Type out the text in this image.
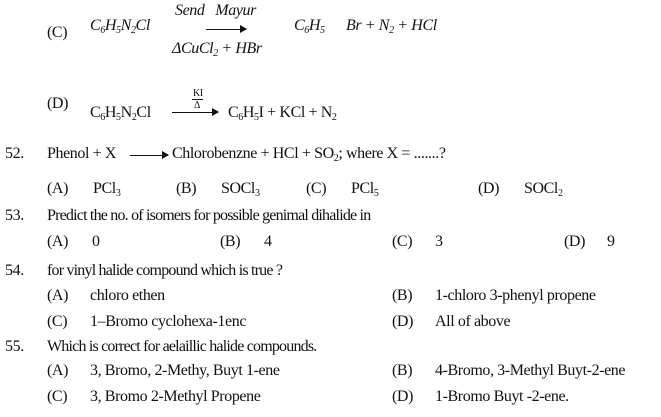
(C) $C_6H_5N_2Cl$
Send   Mayur
ΔCuCl$_2$ + HBr
$C_6H_5$ $Br + N_2$ + HCl
(D)
$C_6H_5N_2Cl$
KI
$\Delta \to C_6H_5I$ + KCl + $N_2$
52. Phenol + X → Chlorobenzne + HCl + $SO_2$; where X = .......?
(A) PCl$_3$	(B) SOCl$_3$	(C) PCl$_5$	(D) SOCl$_2$
53. Predict the no. of isomers for possible genimal dihalide in
(A) 0	(B) 4	(C) 3	(D) 9
54. for vinyl halide compound which is true ?
(A) chloro ethen	(B) 1-chloro 3-phenyl propene
(C) 1–Bromo cyclohexa-1enc	(D) All of above
55. Which is correct for aelaillic halide compounds.
(A) 3, Bromo, 2-Methy, Buyt 1-ene	(B) 4-Bromo, 3-Methyl Buyt-2-ene
(C) 3, Bromo 2-Methyl Propene	(D) 1-Bromo Buyt -2-ene.
